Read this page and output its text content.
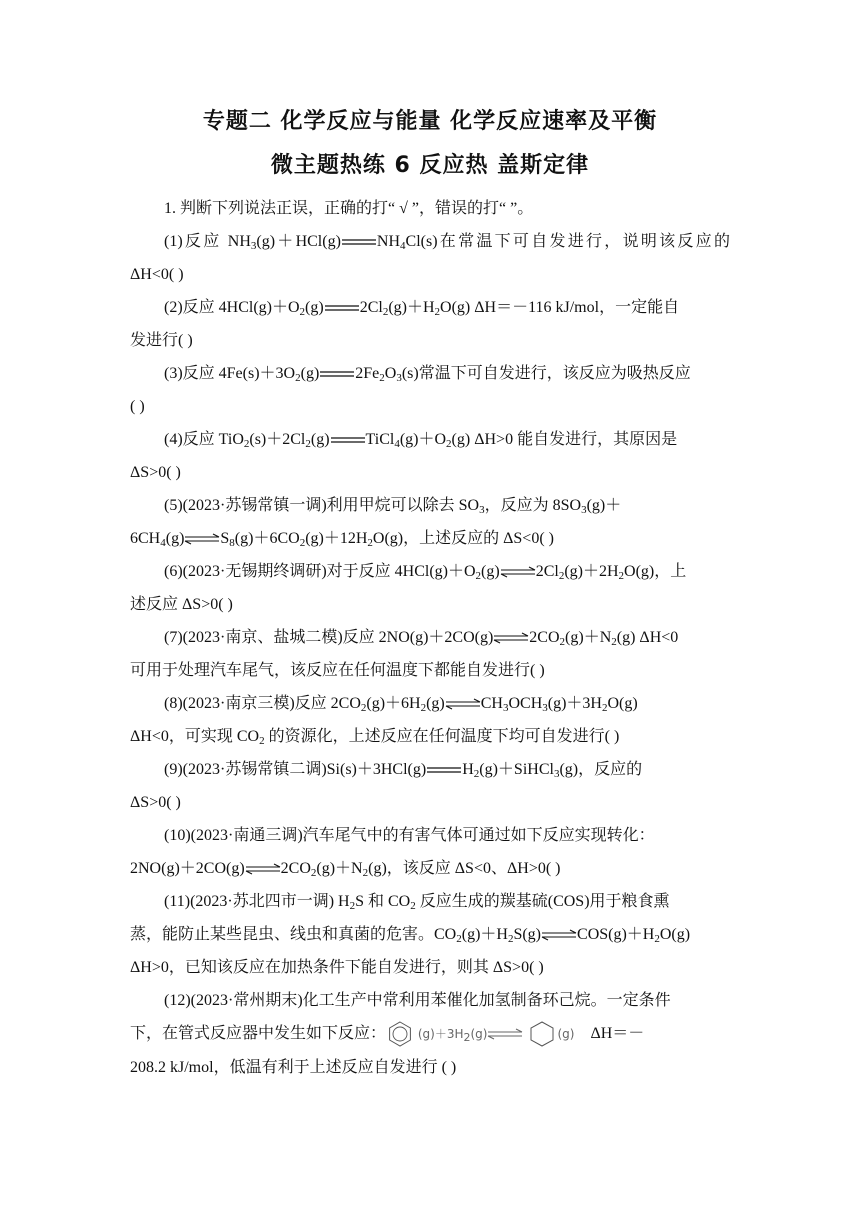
专题二 化学反应与能量 化学反应速率及平衡
微主题热练 6 反应热 盖斯定律
1. 判断下列说法正误，正确的打“ √ ”，错误的打“ ”。
(1)反应 $NH_3(g)+HCl(g)$ $NH_4Cl(s)$在常温下可自发进行，说明该反应的
ΔH<0( )
(2)反应 $4HCl(g)+O_2(g)$ $2Cl_2(g)+H_2O(g)$ ΔH＝－116 kJ/mol，一定能自
发进行( )
(3)反应 $4Fe(s)+3O_2(g)$ $2Fe_2O_3(s)$常温下可自发进行，该反应为吸热反应
( )
(4)反应 $TiO_2(s)+2Cl_2(g)$ $TiCl_4(g)+O_2(g)$ ΔH>0 能自发进行，其原因是
ΔS>0( )
(5)(2023·苏锡常镇一调)利用甲烷可以除去 $SO_3$，反应为 $8SO_3(g)+$
$6CH_4(g)\rightleftharpoons S_8(g)+6CO_2(g)+12H_2O(g)$，上述反应的 ΔS<0( )
(6)(2023·无锡期终调研)对于反应 $4HCl(g)+O_2(g)\rightleftharpoons 2Cl_2(g)+2H_2O(g)$，上
述反应 ΔS>0( )
(7)(2023·南京、盐城二模)反应 $2NO(g)+2CO(g)\rightleftharpoons 2CO_2(g)+N_2(g)$ ΔH<0
可用于处理汽车尾气，该反应在任何温度下都能自发进行( )
(8)(2023·南京三模)反应 $2CO_2(g)+6H_2(g)\rightleftharpoons CH_3OCH_3(g)+3H_2O(g)$
ΔH<0，可实现 $CO_2$ 的资源化，上述反应在任何温度下均可自发进行( )
(9)(2023·苏锡常镇二调)Si(s)＋3HCl(g) $H_2(g)+SiHCl_3(g)$，反应的
ΔS>0( )
(10)(2023·南通三调)汽车尾气中的有害气体可通过如下反应实现转化：
$2NO(g)+2CO(g)\rightleftharpoons 2CO_2(g)+N_2(g)$，该反应 ΔS<0、ΔH>0( )
(11)(2023·苏北四市一调) $H_2S$ 和 $CO_2$ 反应生成的羰基硫(COS)用于粮食熏
蒸，能防止某些昆虫、线虫和真菌的危害。$CO_2(g)+H_2S(g)\rightleftharpoons COS(g)+H_2O(g)$
ΔH>0，已知该反应在加热条件下能自发进行，则其 ΔS>0( )
(12)(2023·常州期末)化工生产中常利用苯催化加氢制备环己烷。一定条件
下，在管式反应器中发生如下反应：	$(g)+3H_2(g)\rightleftharpoons$	(g) ΔH＝－
208.2 kJ/mol，低温有利于上述反应自发进行 ( )
